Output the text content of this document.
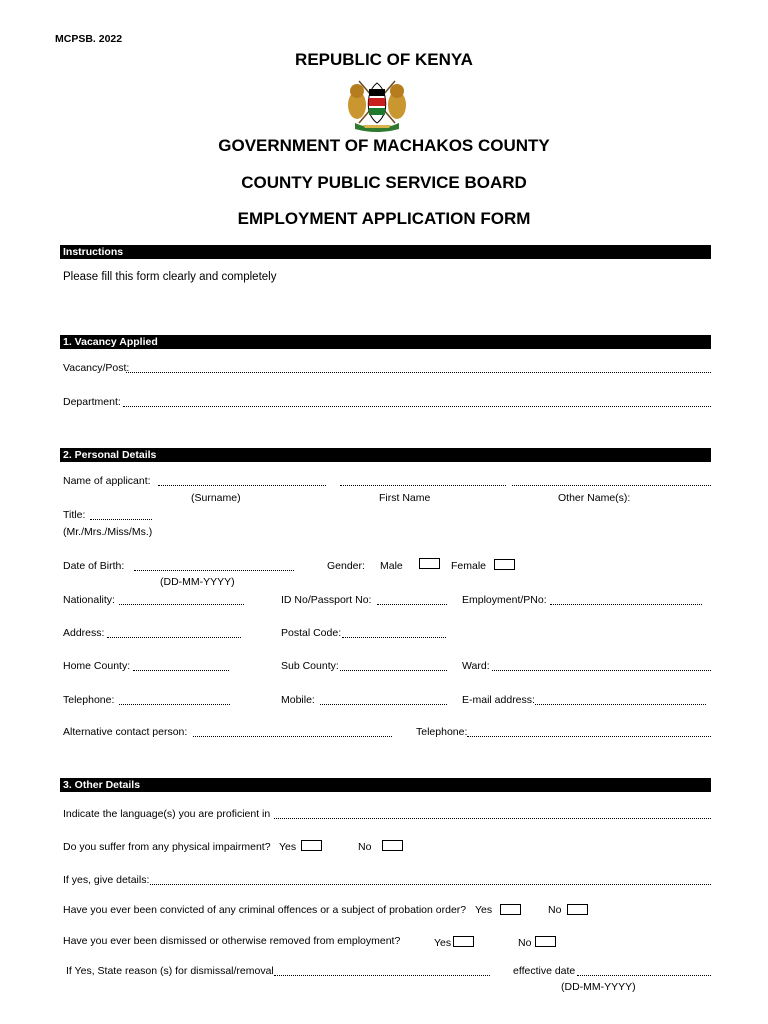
MCPSB. 2022
REPUBLIC OF KENYA
GOVERNMENT OF MACHAKOS COUNTY
COUNTY PUBLIC SERVICE BOARD
EMPLOYMENT APPLICATION FORM
Instructions
Please fill this form clearly and completely
1. Vacancy Applied
Vacancy/Post:
Department:
2. Personal Details
Name of applicant:
(Surname)	First Name	Other Name(s):
Title:
(Mr./Mrs./Miss/Ms.)
Date of Birth:
(DD-MM-YYYY)
Gender: Male	Female
Nationality:	ID No/Passport No:	Employment/PNo:
Address:	Postal Code:
Home County:	Sub County:	Ward:
Telephone:	Mobile:	E-mail address:
Alternative contact person:	Telephone:
3. Other Details
Indicate the language(s) you are proficient in
Do you suffer from any physical impairment? Yes	No
If yes, give details:
Have you ever been convicted of any criminal offences or a subject of probation order? Yes	No
Have you ever been dismissed or otherwise removed from employment?	Yes	No
If Yes, State reason (s) for dismissal/removal	effective date
(DD-MM-YYYY)
